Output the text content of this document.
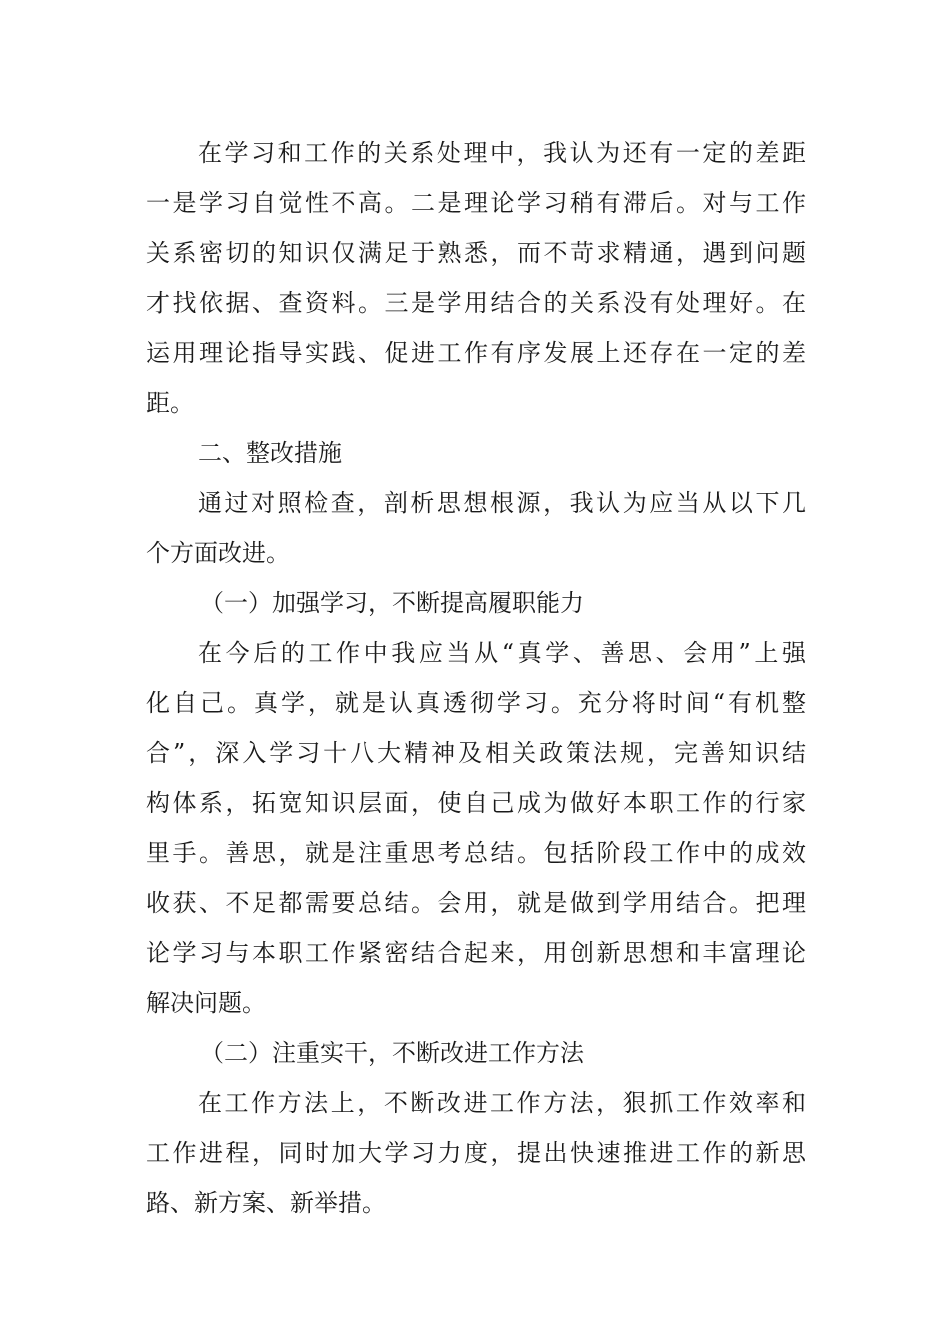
在学习和工作的关系处理中，我认为还有一定的差距
一是学习自觉性不高。二是理论学习稍有滞后。对与工作
关系密切的知识仅满足于熟悉，而不苛求精通，遇到问题
才找依据、查资料。三是学用结合的关系没有处理好。在
运用理论指导实践、促进工作有序发展上还存在一定的差
距。
二、整改措施
通过对照检查，剖析思想根源，我认为应当从以下几
个方面改进。
（一）加强学习，不断提高履职能力
在今后的工作中我应当从“真学、善思、会用”上强
化自己。真学，就是认真透彻学习。充分将时间“有机整
合”，深入学习十八大精神及相关政策法规，完善知识结
构体系，拓宽知识层面，使自己成为做好本职工作的行家
里手。善思，就是注重思考总结。包括阶段工作中的成效
收获、不足都需要总结。会用，就是做到学用结合。把理
论学习与本职工作紧密结合起来，用创新思想和丰富理论
解决问题。
（二）注重实干，不断改进工作方法
在工作方法上，不断改进工作方法，狠抓工作效率和
工作进程，同时加大学习力度，提出快速推进工作的新思
路、新方案、新举措。
